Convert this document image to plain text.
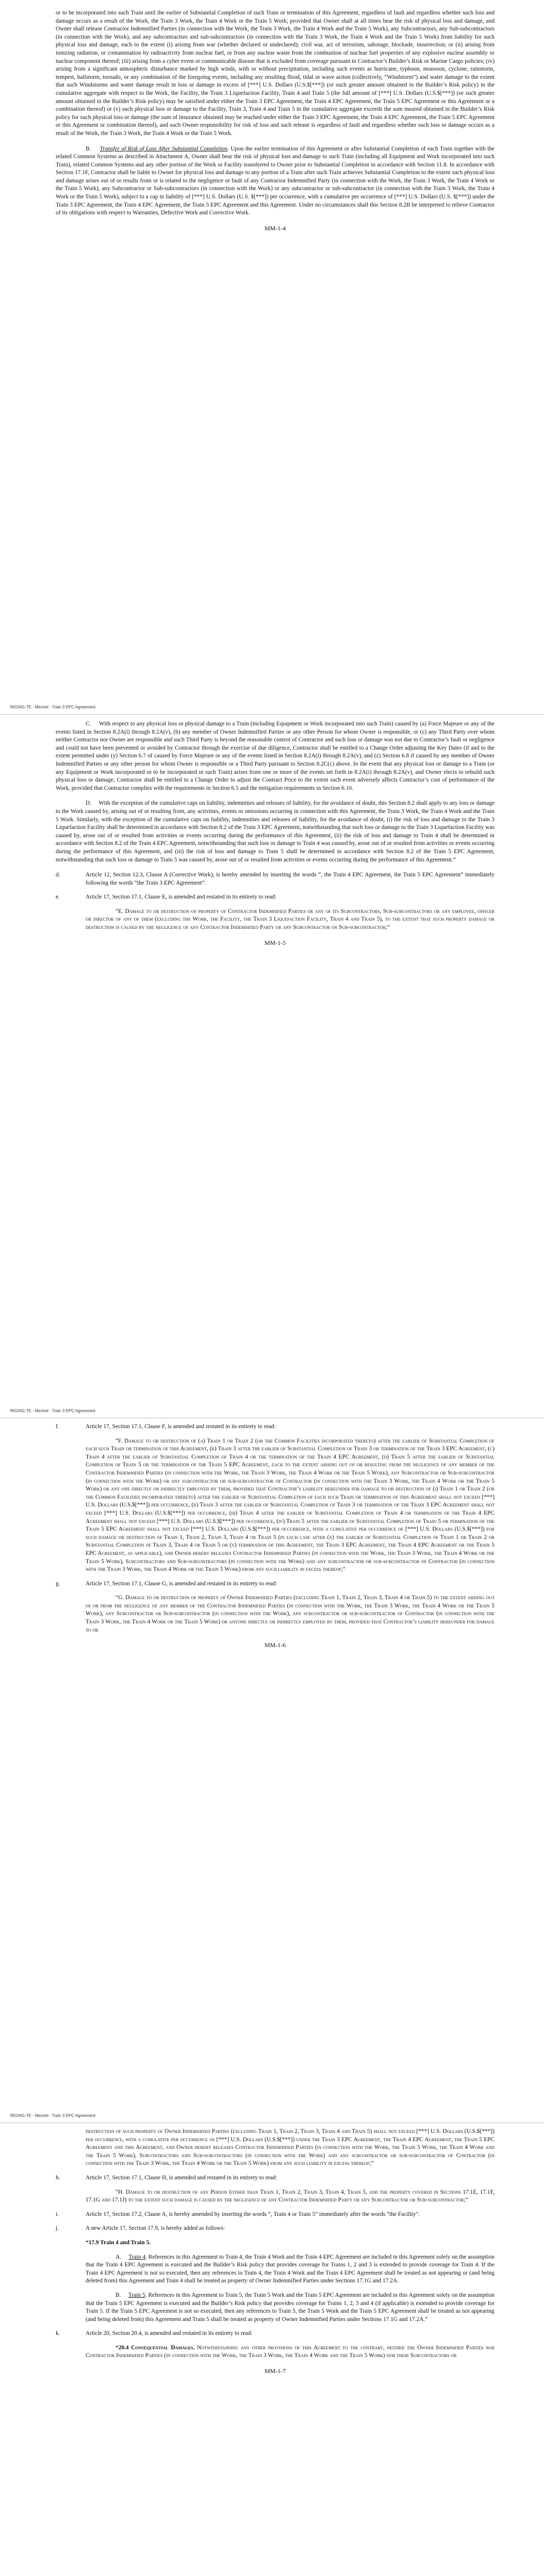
or to be incorporated into such Train until the earlier of Substantial Completion of such Train or termination of this Agreement, regardless of fault and regardless whether such loss and damage occurs as a result of the Work, the Train 3 Work, the Train 4 Work or the Train 5 Work; provided that Owner shall at all times bear the risk of physical loss and damage, and Owner shall release Contractor Indemnified Parties (in connection with the Work, the Train 3 Work, the Train 4 Work and the Train 5 Work), any Subcontractors, any Sub-subcontractors (in connection with the Work), and any subcontractors and sub-subcontractors (in connection with the Train 3 Work, the Train 4 Work and the Train 5 Work) from liability for such physical loss and damage, each to the extent (i) arising from war (whether declared or undeclared); civil war, act of terrorism, sabotage, blockade, insurrection; or (ii) arising from ionizing radiation, or contamination by radioactivity from nuclear fuel, or from any nuclear waste from the combustion of nuclear fuel properties of any explosive nuclear assembly or nuclear component thereof; (iii) arising from a cyber event or communicable disease that is excluded from coverage pursuant to Contractor’s Builder’s Risk or Marine Cargo policies; (iv) arising from a significant atmospheric disturbance marked by high winds, with or without precipitation, including such events as hurricane, typhoon, monsoon, cyclone, rainstorm, tempest, hailstorm, tornado, or any combination of the foregoing events, including any resulting flood, tidal or wave action (collectively, “Windstorm”) and water damage to the extent that such Windstorms and water damage result in loss or damage in excess of [***] U.S. Dollars (U.S.$[***]) (or such greater amount obtained in the Builder’s Risk policy) in the cumulative aggregate with respect to the Work, the Facility, the Train 3 Liquefaction Facility, Train 4 and Train 5 (the full amount of [***] U.S. Dollars (U.S.$[***]) (or such greater amount obtained in the Builder’s Risk policy) may be satisfied under either the Train 3 EPC Agreement, the Train 4 EPC Agreement, the Train 5 EPC Agreement or this Agreement or a combination thereof) or (v) such physical loss or damage to the Facility, Train 3, Train 4 and Train 5 in the cumulative aggregate exceeds the sum insured obtained in the Builder’s Risk policy for such physical loss or damage (the sum of insurance obtained may be reached under either the Train 3 EPC Agreement, the Train 4 EPC Agreement, the Train 5 EPC Agreement or this Agreement or combination thereof), and such Owner responsibility for risk of loss and such release is regardless of fault and regardless whether such loss or damage occurs as a result of the Work, the Train 3 Work, the Train 4 Work or the Train 5 Work.

B. Transfer of Risk of Loss After Substantial Completion. Upon the earlier termination of this Agreement or after Substantial Completion of each Train together with the related Common Systems as described in Attachment A, Owner shall bear the risk of physical loss and damage to such Train (including all Equipment and Work incorporated into such Train), related Common Systems and any other portion of the Work or Facility transferred to Owner prior to Substantial Completion in accordance with Section 11.8. In accordance with Section 17.1F, Contractor shall be liable to Owner for physical loss and damage to any portion of a Train after such Train achieves Substantial Completion to the extent such physical loss and damage arises out of or results from or is related to the negligence or fault of any Contractor Indemnified Party (in connection with the Work, the Train 3 Work, the Train 4 Work or the Train 5 Work), any Subcontractor or Sub-subcontractors (in connection with the Work) or any subcontractor or sub-subcontractor (in connection with the Train 3 Work, the Train 4 Work or the Train 5 Work), subject to a cap in liability of [***] U.S. Dollars (U.S. $[***]) per occurrence, with a cumulative per occurrence of [***] U.S. Dollars (U.S. $[***]) under the Train 3 EPC Agreement, the Train 4 EPC Agreement, the Train 5 EPC Agreement and this Agreement. Under no circumstances shall this Section 8.2B be interpreted to relieve Contractor of its obligations with respect to Warranties, Defective Work and Corrective Work.

MM-1-4
RIO/AG-TE - Mechel - Train 3 EPC Agreement

C. With respect to any physical loss or physical damage to a Train (including Equipment or Work incorporated into such Train) caused by (a) Force Majeure or any of the events listed in Section 8.2A(i) through 8.2A(v), (b) any member of Owner Indemnified Parties or any other Person for whom Owner is responsible, or (c) any Third Party over whom neither Contractor nor Owner are responsible and such Third Party is beyond the reasonable control of Contractor and such loss or damage was not due to Contractor’s fault or negligence and could not have been prevented or avoided by Contractor through the exercise of due diligence, Contractor shall be entitled to a Change Order adjusting the Key Dates (if and to the extent permitted under (y) Section 6.7 of caused by Force Majeure or any of the events listed in Section 8.2A(i) through 8.2A(v), and (z) Section 6.8 if caused by any member of Owner Indemnified Parties or any other person for whom Owner is responsible or a Third Party pursuant to Section 8.2C(c) above. In the event that any physical loss or damage to a Train (or any Equipment or Work incorporated or to be incorporated in such Train) arises from one or more of the events set forth in 8.2A(i) through 8.2A(v), and Owner elects to rebuild such physical loss or damage, Contractor shall be entitled to a Change Order to adjust the Contract Price to the extent such event adversely affects Contractor’s cost of performance of the Work, provided that Contractor complies with the requirements in Section 6.5 and the mitigation requirements in Section 6.10.

D. With the exception of the cumulative caps on liability, indemnities and releases of liability, for the avoidance of doubt, this Section 8.2 shall apply to any loss or damage to the Work caused by, arising out of or resulting from, any activities, events or omissions occurring in connection with this Agreement, the Train 3 Work, the Train 4 Work and the Train 5 Work. Similarly, with the exception of the cumulative caps on liability, indemnities and releases of liability, for the avoidance of doubt, (i) the risk of loss and damage to the Train 3 Liquefaction Facility shall be determined in accordance with Section 8.2 of the Train 3 EPC Agreement, notwithstanding that such loss or damage to the Train 3 Liquefaction Facility was caused by, arose out of or resulted from activities or events occurring during the performance of this Agreement, (ii) the risk of loss and damage to Train 4 shall be determined in accordance with Section 8.2 of the Train 4 EPC Agreement, notwithstanding that such loss or damage to Train 4 was caused by, arose out of or resulted from activities or events occurring during the performance of this Agreement, and (iii) the risk of loss and damage to Train 5 shall be determined in accordance with Section 8.2 of the Train 5 EPC Agreement, notwithstanding that such loss or damage to Train 5 was caused by, arose out of or resulted from activities or events occurring during the performance of this Agreement.”

d.	Article 12, Section 12.3, Clause A (Corrective Work), is hereby amended by inserting the words “, the Train 4 EPC Agreement, the Train 5 EPC Agreement” immediately following the words “the Train 3 EPC Agreement”.
e.	Article 17, Section 17.1, Clause E, is amended and restated in its entirety to read:
“E. Damage to or destruction of property of Contractor Indemnified Parties or any of its Subcontractors, Sub-subcontractors or any employee, officer or director of any of them (excluding the Work, the Facility, the Train 3 Liquefaction Facility, Train 4 and Train 5), to the extent that such property damage or destruction is caused by the negligence of any Contractor Indemnified Party or any Subcontractor or Sub-subcontractor;”
MM-1-5
RIO/AG-TE - Mechel - Train 3 EPC Agreement
f.	Article 17, Section 17.1, Clause F, is amended and restated in its entirety to read:
“F. Damage to or destruction of (a) Train 1 or Train 2 (or the Common Facilities incorporated thereto) after the earlier of Substantial Completion of each such Train or termination of this Agreement, (b) Train 3 after the earlier of Substantial Completion of Train 3 or termination of the Train 3 EPC Agreement, (c) Train 4 after the earlier of Substantial Completion of Train 4 or the termination of the Train 4 EPC Agreement, (d) Train 5 after the earlier of Substantial Completion of Train 5 or the termination of the Train 5 EPC Agreement, each to the extent arising out of or resulting from the negligence of any member of the Contractor Indemnified Parties (in connection with the Work, the Train 3 Work, the Train 4 Work or the Train 5 Work), any Subcontractor or Sub-subcontractor (in connection with the Work) or any subcontractor or sub-subcontractor of Contractor (in connection with the Train 3 Work, the Train 4 Work or the Train 5 Work) or any one directly or indirectly employed by them, provided that Contractor’s liability hereunder for damage to or destruction of (i) Train 1 or Train 2 (or the Common Facilities incorporated thereto) after the earlier of Substantial Completion of each such Train or termination of this Agreement shall not exceed [***] U.S. Dollars (U.S.$[***]) per occurrence, (ii) Train 3 after the earlier of Substantial Completion of Train 3 or termination of the Train 3 EPC Agreement shall not exceed [***] U.S. Dollars (U.S.$[***]) per occurrence, (iii) Train 4 after the earlier of Substantial Completion of Train 4 or termination of the Train 4 EPC Agreement shall not exceed [***] U.S. Dollars (U.S.$[***]) per occurrence, (iv) Train 5 after the earlier of Substantial Completion of Train 5 or termination of the Train 5 EPC Agreement shall not exceed [***] U.S. Dollars (U.S.$[***]) per occurrence, with a cumulative per occurrence of [***] U.S. Dollars (U.S.$[***]) for such damage or destruction of Train 1, Train 2, Train 3, Train 4 or Train 5 (in each case after (x) the earlier of Substantial Completion of Train 1 or Train 2 or Substantial Completion of Train 3, Train 4 or Train 5 or (y) termination of this Agreement, the Train 3 EPC Agreement, the Train 4 EPC Agreement or the Train 5 EPC Agreement, as applicable), and Owner hereby releases Contractor Indemnified Parties (in connection with the Work, the Train 3 Work, the Train 4 Work or the Train 5 Work), Subcontractors and Sub-subcontractors (in connection with the Work) and any subcontractor or sub-subcontractor of Contractor (in connection with the Train 3 Work, the Train 4 Work or the Train 5 Work) from any such liability in excess thereof;”
g.	Article 17, Section 17.1, Clause G, is amended and restated in its entirety to read:
“G. Damage to or destruction of property of Owner Indemnified Parties (excluding Train 1, Train 2, Train 3, Train 4 or Train 5) to the extent arising out of or from the negligence of any member of the Contractor Indemnified Parties (in connection with the Work, the Train 3 Work, the Train 4 Work or the Train 5 Work), any Subcontractor or Sub-subcontractor (in connection with the Work), any subcontractor or sub-subcontractor of Contractor (in connection with the Train 3 Work, the Train 4 Work or the Train 5 Work) or anyone directly or indirectly employed by them, provided that Contractor’s liability hereunder for damage to or
MM-1-6
RIO/AG-TE - Mechel - Train 3 EPC Agreement
destruction of such property of Owner Indemnified Parties (excluding Train 1, Train 2, Train 3, Train 4 and Train 5) shall not exceed [***] U.S. Dollars (U.S.$[***]) per occurrence, with a cumulative per occurrence of [***] U.S. Dollars (U.S.$[***]) under the Train 3 EPC Agreement, the Train 4 EPC Agreement, the Train 5 EPC Agreement and this Agreement, and Owner hereby releases Contractor Indemnified Parties (in connection with the Work, the Train 3 Work, the Train 4 Work and the Train 5 Work), Subcontractors and Sub-subcontractors (in connection with the Work) and any subcontractor or sub-subcontractor of Contractor (in connection with the Train 3 Work, the Train 4 Work or the Train 5 Work) from any such liability in excess thereof;”
h.	Article 17, Section 17.1, Clause H, is amended and restated in its entirety to read:
“H. Damage to or destruction of any Person (other than Train 1, Train 2, Train 3, Train 4, Train 5, and the property covered in Sections 17.1E, 17.1F, 17.1G and 17.1J) to the extent such damage is caused by the negligence of any Contractor Indemnified Party or any Subcontractor or Sub-subcontractor;”
i.	Article 17, Section 17.2, Clause A, is hereby amended by inserting the words “, Train 4 or Train 5” immediately after the words “the Facility”.
j.	A new Article 17, Section 17.9, is hereby added as follows:
“17.9 Train 4 and Train 5.

A. Train 4. References in this Agreement to Train 4, the Train 4 Work and the Train 4 EPC Agreement are included in this Agreement solely on the assumption that the Train 4 EPC Agreement is executed and the Builder’s Risk policy that provides coverage for Trains 1, 2 and 3 is extended to provide coverage for Train 4. If the Train 4 EPC Agreement is not so executed, then any references to Train 4, the Train 4 Work and the Train 4 EPC Agreement shall be treated as not appearing or (and being deleted from) this Agreement and Train 4 shall be treated as property of Owner Indemnified Parties under Sections 17.1G and 17.2A.

B. Train 5. References in this Agreement to Train 5, the Train 5 Work and the Train 5 EPC Agreement are included in this Agreement solely on the assumption that the Train 5 EPC Agreement is executed and the Builder’s Risk policy that provides coverage for Trains 1, 2, 3 and 4 (if applicable) is extended to provide coverage for Train 5. If the Train 5 EPC Agreement is not so executed, then any references to Train 5, the Train 5 Work and the Train 5 EPC Agreement shall be treated as not appearing (and being deleted from) this Agreement and Train 5 shall be treated as property of Owner Indemnified Parties under Sections 17.1G and 17.2A.”

k.	Article 20, Section 20.4, is amended and restated in its entirety to read:
“20.4 Consequential Damages. Notwithstanding any other provisions of this Agreement to the contrary, neither the Owner Indemnified Parties nor Contractor Indemnified Parties (in connection with the Work, the Train 3 Work, the Train 4 Work and the Train 5 Work) nor their Subcontractors or
MM-1-7
